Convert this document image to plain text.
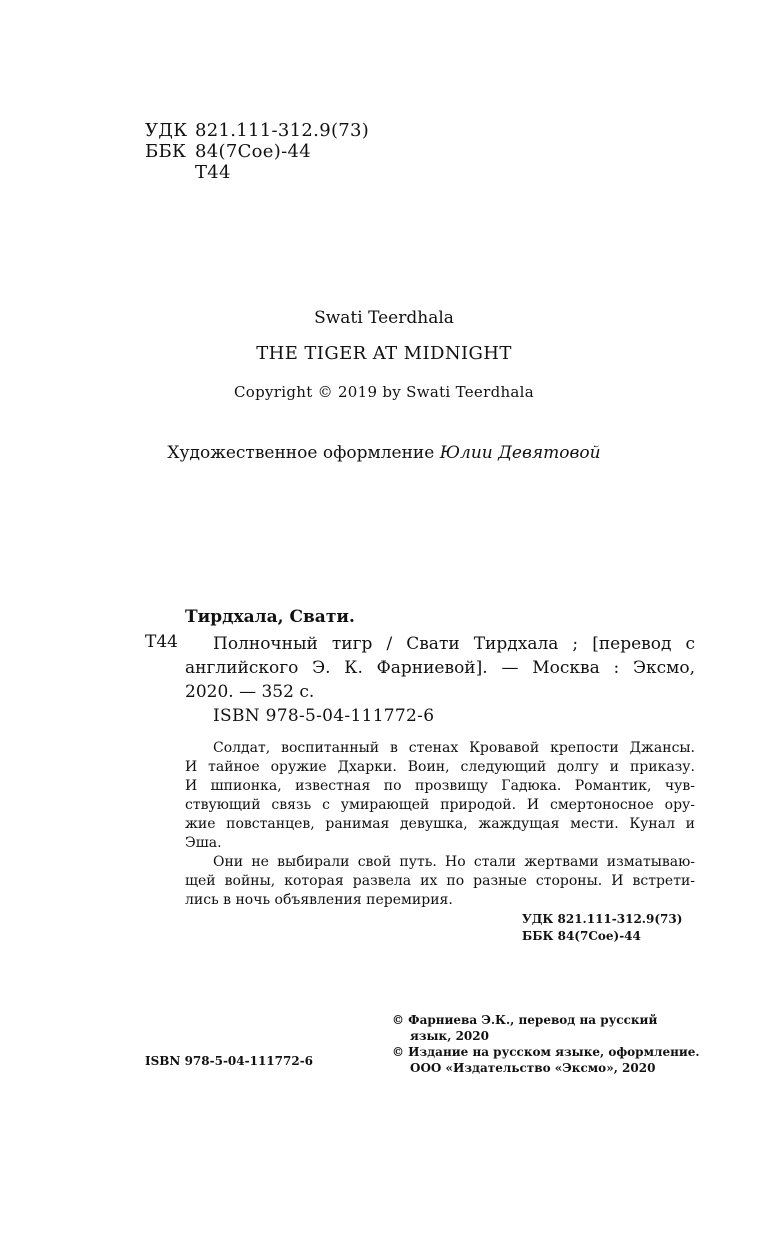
УДК 821.111-312.9(73)
ББК 84(7Сое)-44
Т44
Swati Teerdhala
THE TIGER AT MIDNIGHT
Copyright © 2019 by Swati Teerdhala
Художественное оформление Юлии Девятовой
Тирдхала, Свати.
Т44	Полночный тигр / Свати Тирдхала ; [перевод с
английского Э. К. Фарниевой]. — Москва : Эксмо,
2020. — 352 с.
ISBN 978-5-04-111772-6
Солдат, воспитанный в стенах Кровавой крепости Джансы.
И тайное оружие Дхарки. Воин, следующий долгу и приказу.
И шпионка, известная по прозвищу Гадюка. Романтик, чув-
ствующий связь с умирающей природой. И смертоносное ору-
жие повстанцев, ранимая девушка, жаждущая мести. Кунал и
Эша.
Они не выбирали свой путь. Но стали жертвами изматываю-
щей войны, которая развела их по разные стороны. И встрети-
лись в ночь объявления перемирия.
УДК 821.111-312.9(73)
ББК 84(7Сое)-44
ISBN 978-5-04-111772-6
© Фарниева Э.К., перевод на русский
язык, 2020
© Издание на русском языке, оформление.
ООО «Издательство «Эксмо», 2020
